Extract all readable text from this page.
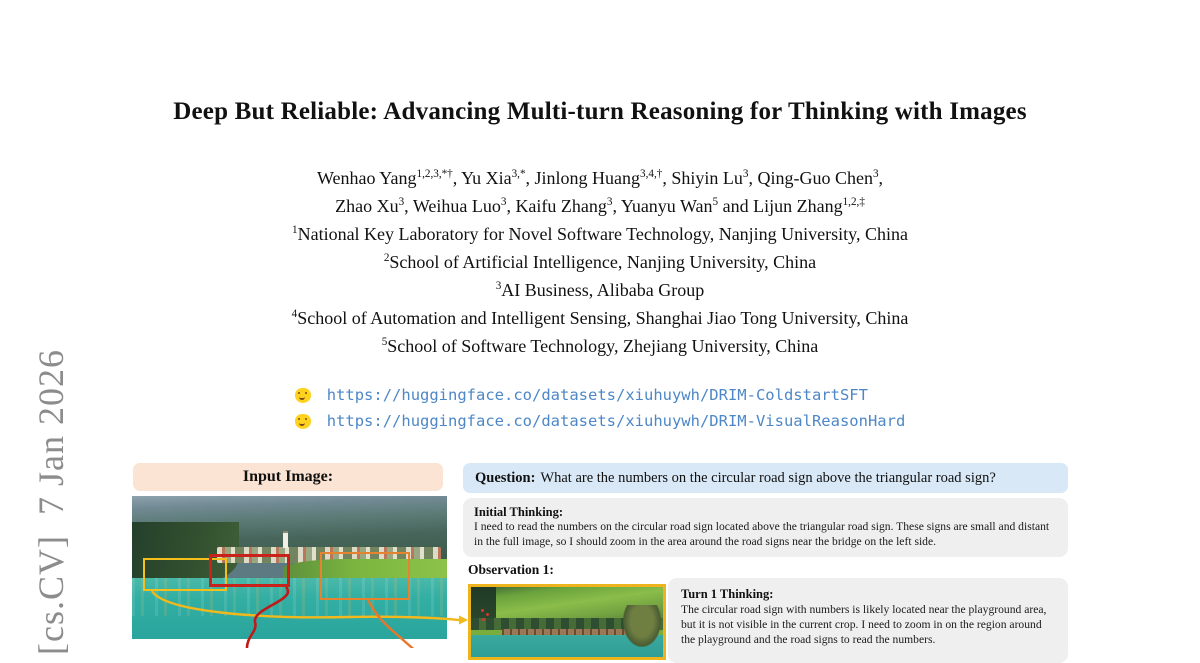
[cs.CV]  7 Jan 2026
Deep But Reliable: Advancing Multi-turn Reasoning for Thinking with Images
Wenhao Yang$^{1,2,3,*\dagger}$, Yu Xia$^{3,*}$, Jinlong Huang$^{3,4,\dagger}$, Shiyin Lu$^3$, Qing-Guo Chen$^3$,
Zhao Xu$^3$, Weihua Luo$^3$, Kaifu Zhang$^3$, Yuanyu Wan$^5$ and Lijun Zhang$^{1,2,\ddagger}$
$^1$National Key Laboratory for Novel Software Technology, Nanjing University, China
$^2$School of Artificial Intelligence, Nanjing University, China
$^3$AI Business, Alibaba Group
$^4$School of Automation and Intelligent Sensing, Shanghai Jiao Tong University, China
$^5$School of Software Technology, Zhejiang University, China
https://huggingface.co/datasets/xiuhuywh/DRIM-ColdstartSFT
https://huggingface.co/datasets/xiuhuywh/DRIM-VisualReasonHard
Input Image:	Question: What are the numbers on the circular road sign above the triangular road sign?
Initial Thinking:
I need to read the numbers on the circular road sign located above the triangular road sign. These signs are small and distant in the full image, so I should zoom in the area around the road signs near the bridge on the left side.
Observation 1:
Turn 1 Thinking:
The circular road sign with numbers is likely located near the playground area, but it is not visible in the current crop. I need to zoom in on the region around the playground and the road signs to read the numbers.
